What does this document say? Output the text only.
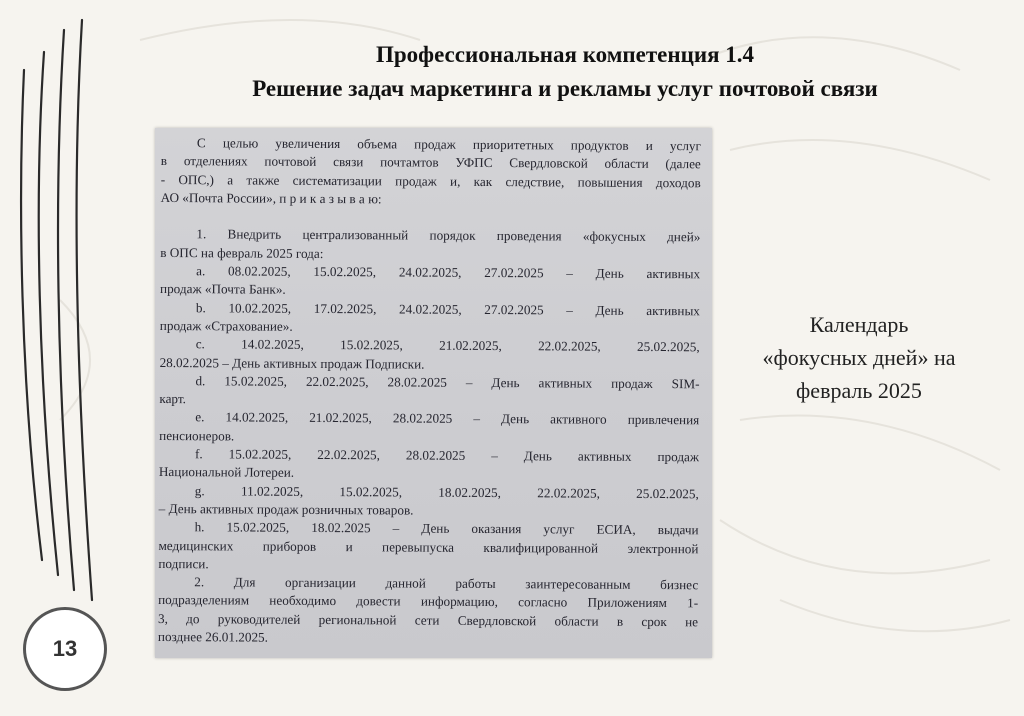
Профессиональная компетенция 1.4
Решение задач маркетинга и рекламы услуг почтовой связи

С целью увеличения объема продаж приоритетных продуктов и услуг

в отделениях почтовой связи почтамтов УФПС Свердловской области (далее

- ОПС,) а также систематизации продаж и, как следствие, повышения доходов

АО «Почта России», п р и к а з ы в а ю:

1. Внедрить централизованный порядок проведения «фокусных дней»

в ОПС на февраль 2025 года:

a. 08.02.2025, 15.02.2025, 24.02.2025, 27.02.2025 – День активных

продаж «Почта Банк».

b. 10.02.2025, 17.02.2025, 24.02.2025, 27.02.2025 – День активных

продаж «Страхование».

c. 14.02.2025, 15.02.2025, 21.02.2025, 22.02.2025, 25.02.2025,

28.02.2025 – День активных продаж Подписки.

d. 15.02.2025, 22.02.2025, 28.02.2025 – День активных продаж SIM-

карт.

e. 14.02.2025, 21.02.2025, 28.02.2025 – День активного привлечения

пенсионеров.

f. 15.02.2025, 22.02.2025, 28.02.2025 – День активных продаж

Национальной Лотереи.

g. 11.02.2025, 15.02.2025, 18.02.2025, 22.02.2025, 25.02.2025,

– День активных продаж розничных товаров.

h. 15.02.2025, 18.02.2025 – День оказания услуг ЕСИА, выдачи

медицинских приборов и перевыпуска квалифицированной электронной

подписи.

2. Для организации данной работы заинтересованным бизнес

подразделениям необходимо довести информацию, согласно Приложениям 1-

3, до руководителей региональной сети Свердловской области в срок не

позднее 26.01.2025.

Календарь
«фокусных дней» на
февраль 2025
13
